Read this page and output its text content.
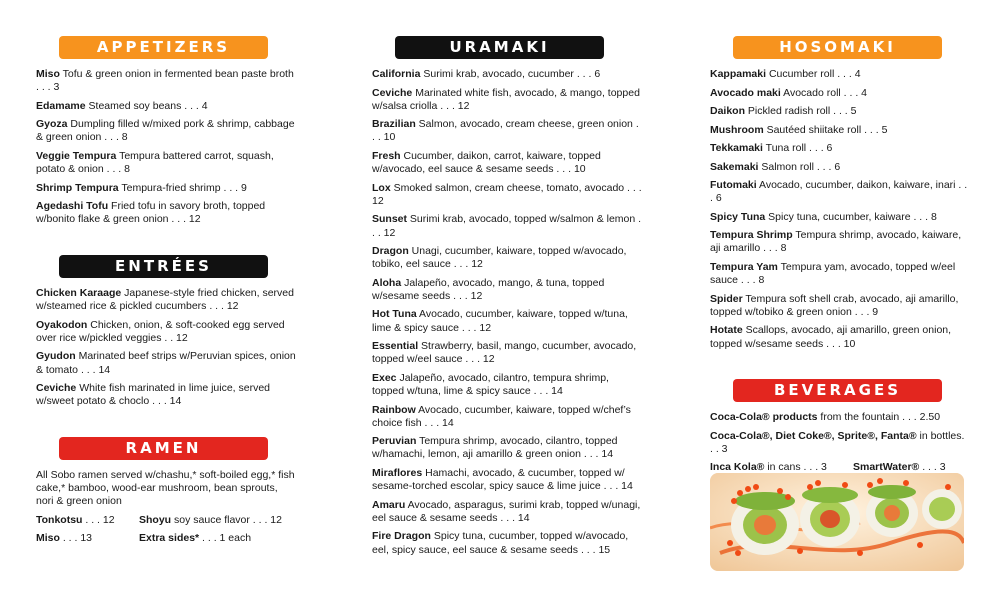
APPETIZERS
Miso Tofu & green onion in fermented bean paste broth . . . 3
Edamame Steamed soy beans . . . 4
Gyoza Dumpling filled w/mixed pork & shrimp, cabbage & green onion . . . 8
Veggie Tempura Tempura battered carrot, squash, potato & onion . . . 8
Shrimp Tempura Tempura-fried shrimp . . . 9
Agedashi Tofu Fried tofu in savory broth, topped w/bonito flake & green onion . . . 12
ENTRÉES
Chicken Karaage Japanese-style fried chicken, served w/steamed rice & pickled cucumbers . . . 12
Oyakodon Chicken, onion, & soft-cooked egg served over rice w/pickled veggies . . 12
Gyudon Marinated beef strips w/Peruvian spices, onion & tomato . . . 14
Ceviche White fish marinated in lime juice, served w/sweet potato & choclo . . . 14
RAMEN
All Sobo ramen served w/chashu,* soft-boiled egg,* fish cake,* bamboo, wood-ear mushroom, bean sprouts, nori & green onion
Tonkotsu . . . 12	Shoyu soy sauce flavor . . . 12
Miso . . . 13	Extra sides* . . . 1 each
URAMAKI
California Surimi krab, avocado, cucumber . . . 6
Ceviche Marinated white fish, avocado, & mango, topped w/salsa criolla . . . 12
Brazilian Salmon, avocado, cream cheese, green onion . . . 10
Fresh Cucumber, daikon, carrot, kaiware, topped w/avocado, eel sauce & sesame seeds . . . 10
Lox Smoked salmon, cream cheese, tomato, avocado . . . 12
Sunset Surimi krab, avocado, topped w/salmon & lemon . . . 12
Dragon Unagi, cucumber, kaiware, topped w/avocado, tobiko, eel sauce . . . 12
Aloha Jalapeño, avocado, mango, & tuna, topped w/sesame seeds . . . 12
Hot Tuna Avocado, cucumber, kaiware, topped w/tuna, lime & spicy sauce . . . 12
Essential Strawberry, basil, mango, cucumber, avocado, topped w/eel sauce . . . 12
Exec Jalapeño, avocado, cilantro, tempura shrimp, topped w/tuna, lime & spicy sauce . . . 14
Rainbow Avocado, cucumber, kaiware, topped w/chef’s choice fish . . . 14
Peruvian Tempura shrimp, avocado, cilantro, topped w/hamachi, lemon, aji amarillo & green onion . . . 14
Miraflores Hamachi, avocado, & cucumber, topped w/ sesame-torched escolar, spicy sauce & lime juice . . . 14
Amaru Avocado, asparagus, surimi krab, topped w/unagi, eel sauce & sesame seeds . . . 14
Fire Dragon Spicy tuna, cucumber, topped w/avocado, eel, spicy sauce, eel sauce & sesame seeds . . . 15
HOSOMAKI
Kappamaki Cucumber roll . . . 4
Avocado maki Avocado roll . . . 4
Daikon Pickled radish roll . . . 5
Mushroom Sautéed shiitake roll . . . 5
Tekkamaki Tuna roll . . . 6
Sakemaki Salmon roll . . . 6
Futomaki Avocado, cucumber, daikon, kaiware, inari . . . 6
Spicy Tuna Spicy tuna, cucumber, kaiware . . . 8
Tempura Shrimp Tempura shrimp, avocado, kaiware, aji amarillo . . . 8
Tempura Yam Tempura yam, avocado, topped w/eel sauce . . . 8
Spider Tempura soft shell crab, avocado, aji amarillo, topped w/tobiko & green onion . . . 9
Hotate Scallops, avocado, aji amarillo, green onion, topped w/sesame seeds . . . 10
BEVERAGES
Coca-Cola® products from the fountain . . . 2.50
Coca-Cola®, Diet Coke®, Sprite®, Fanta® in bottles. . . 3
Inca Kola® in cans . . . 3	SmartWater® . . . 3
